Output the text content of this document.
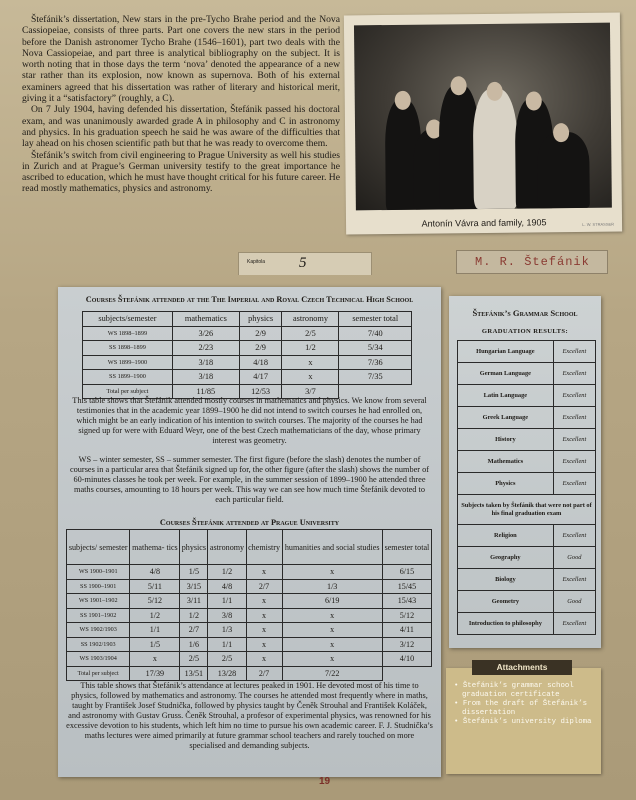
Štefánik’s dissertation, New stars in the pre-Tycho Brahe period and the Nova Cassiopeiae, consists of three parts. Part one covers the new stars in the period before the Danish astronomer Tycho Brahe (1546–1601), part two deals with the Nova Cassiopeiae, and part three is analytical bibliography on the subject. It is worth noting that in those days the term ‘nova’ denoted the appearance of a new star rather than its explosion, now known as supernova. Both of his external examiners agreed that his dissertation was rather of literary and historical merit, giving it a “satisfactory” (roughly, a C).

On 7 July 1904, having defended his dissertation, Štefánik passed his doctoral exam, and was unanimously awarded grade A in philosophy and C in astronomy and physics. In his graduation speech he said he was aware of the difficulties that lay ahead on his chosen scientific path but that he was ready to overcome them.

Štefánik’s switch from civil engineering to Prague University as well his studies in Zurich and at Prague’s German university testify to the great importance he ascribed to education, which he must have thought critical for his future career. He read mostly mathematics, physics and astronomy.

Antonín Vávra and family, 1905	L. W. STRASSER
Kapitola 5	M. R. Štefánik
Courses Štefánik attended at the The Imperial and Royal Czech Technical High School
subjects/semester	mathematics	physics	astronomy	semester total
WS 1898–1899	3/26	2/9	2/5	7/40
SS 1898–1899	2/23	2/9	1/2	5/34
WS 1899–1900	3/18	4/18	x	7/36
SS 1899–1900	3/18	4/17	x	7/35
Total per subject	11/85	12/53	3/7	
This table shows that Štefánik attended mostly courses in mathematics and physics. We know from several testimonies that in the academic year 1899–1900 he did not intend to switch courses he had enrolled on, which might be an early indication of his intention to switch courses. The majority of the courses he had signed up for were with Eduard Weyr, one of the best Czech mathematicians of the day, whose primary interest was geometry.
WS – winter semester, SS – summer semester. The first figure (before the slash) denotes the number of courses in a particular area that Štefánik signed up for, the other figure (after the slash) shows the number of 60-minutes classes he took per week. For example, in the summer session of 1899–1900 he attended three maths courses, amounting to 18 hours per week. This way we can see how much time Štefánik devoted to each particular field.
Courses Štefánik attended at Prague University
subjects/ semester	mathema- tics	physics	astronomy	chemistry	humanities and social studies	semester total
WS 1900–1901	4/8	1/5	1/2	x	x	6/15
SS 1900–1901	5/11	3/15	4/8	2/7	1/3	15/45
WS 1901–1902	5/12	3/11	1/1	x	6/19	15/43
SS 1901–1902	1/2	1/2	3/8	x	x	5/12
WS 1902/1903	1/1	2/7	1/3	x	x	4/11
SS 1902/1903	1/5	1/6	1/1	x	x	3/12
WS 1903/1904	x	2/5	2/5	x	x	4/10
Total per subject	17/39	13/51	13/28	2/7	7/22	
This table shows that Štefánik’s attendance at lectures peaked in 1901. He devoted most of his time to physics, followed by mathematics and astronomy. The courses he attended most frequently where in maths, taught by František Josef Studnička, followed by physics taught by Čeněk Strouhal and František Koláček, and astronomy with Gustav Gruss. Čeněk Strouhal, a profesor of experimental physics, was renowned for his excessive devotion to his students, which left him no time to pursue his own academic career. F. J. Studnička’s maths lectures were aimed primarily at future grammar school teachers and rarely touched on more specialised and demanding subjects.
19
Štefánik’s Grammar School
GRADUATION RESULTS:
Hungarian Language	Excellent
German Language	Excellent
Latin Language	Excellent
Greek Language	Excellent
History	Excellent
Mathematics	Excellent
Physics	Excellent
Subjects taken by Štefánik that were not part of his final graduation exam	
Religion	Excellent
Geography	Good
Biology	Excellent
Geometry	Good
Introduction to philosophy	Excellent
Attachments
• Štefánik’s grammar school graduation certificate
• From the draft of Štefánik’s dissertation
• Štefánik’s university diploma
